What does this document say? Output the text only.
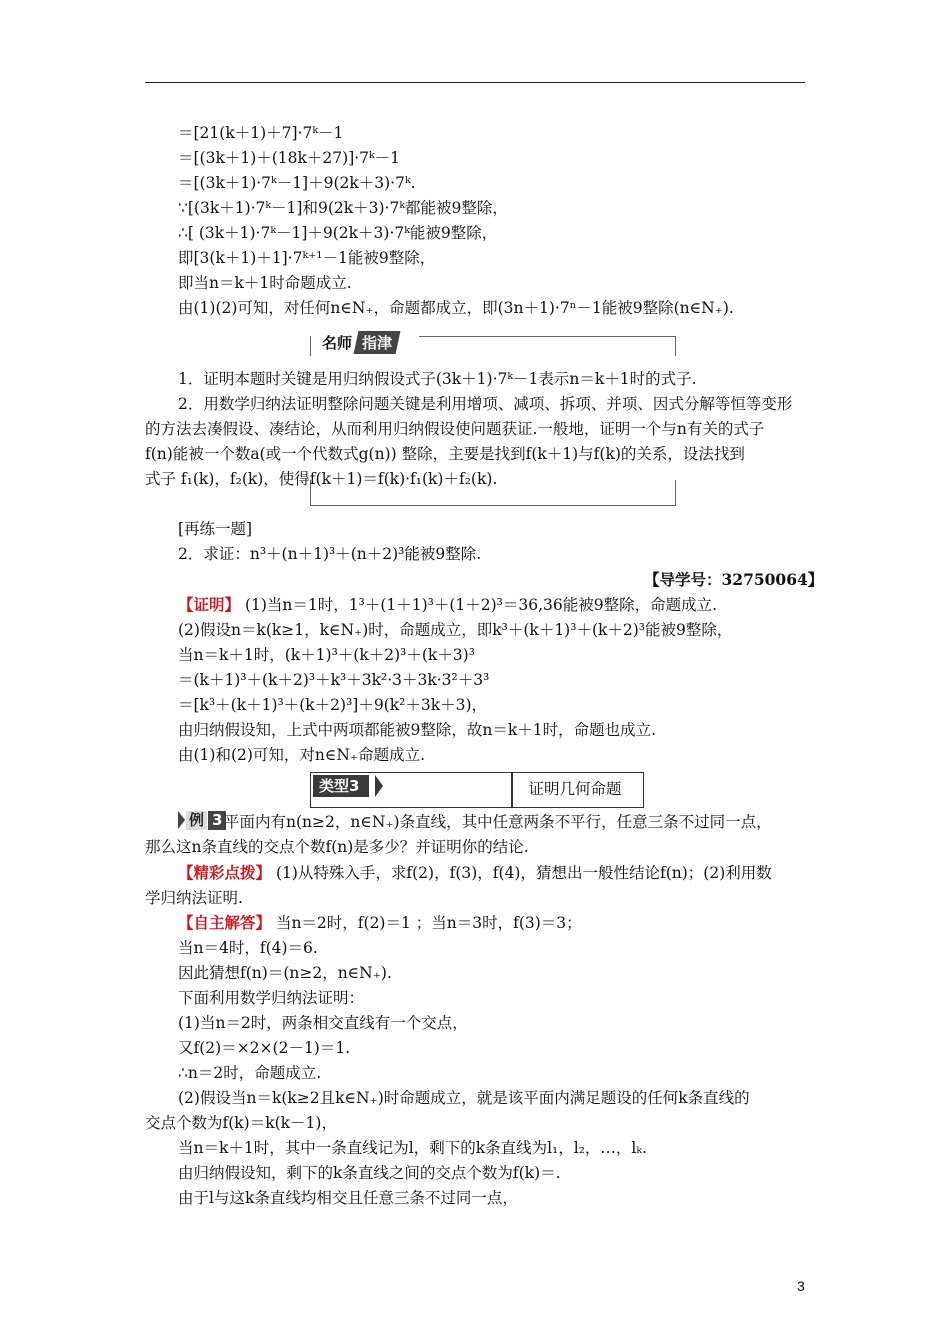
＝[21(k＋1)＋7]·7ᵏ－1
＝[(3k＋1)＋(18k＋27)]·7ᵏ－1
＝[(3k＋1)·7ᵏ－1]＋9(2k＋3)·7ᵏ.
∵[(3k＋1)·7ᵏ－1]和9(2k＋3)·7ᵏ都能被9整除，
∴[ (3k＋1)·7ᵏ－1]＋9(2k＋3)·7ᵏ能被9整除，
即[3(k＋1)＋1]·7ᵏ⁺¹－1能被9整除，
即当n＝k＋1时命题成立.
由(1)(2)可知，对任何n∈N₊，命题都成立，即(3n＋1)·7ⁿ－1能被9整除(n∈N₊).
名师 指津
1．证明本题时关键是用归纳假设式子(3k＋1)·7ᵏ－1表示n＝k＋1时的式子.
2．用数学归纳法证明整除问题关键是利用增项、减项、拆项、并项、因式分解等恒等变形
的方法去凑假设、凑结论，从而利用归纳假设使问题获证.一般地，证明一个与n有关的式子
f(n)能被一个数a(或一个代数式g(n)) 整除，主要是找到f(k＋1)与f(k)的关系，设法找到
式子 f₁(k)，f₂(k)，使得f(k＋1)＝f(k)·f₁(k)＋f₂(k).
[再练一题]
2．求证：n³＋(n＋1)³＋(n＋2)³能被9整除.
【导学号：32750064】
【证明】 (1)当n＝1时，1³＋(1＋1)³＋(1＋2)³＝36,36能被9整除，命题成立.
(2)假设n＝k(k≥1，k∈N₊)时，命题成立，即k³＋(k＋1)³＋(k＋2)³能被9整除，
当n＝k＋1时，(k＋1)³＋(k＋2)³＋(k＋3)³
＝(k＋1)³＋(k＋2)³＋k³＋3k²·3＋3k·3²＋3³
＝[k³＋(k＋1)³＋(k＋2)³]＋9(k²＋3k＋3)，
由归纳假设知，上式中两项都能被9整除，故n＝k＋1时，命题也成立.
由(1)和(2)可知，对n∈N₊命题成立.
类型3	证明几何命题
例 3 平面内有n(n≥2，n∈N₊)条直线，其中任意两条不平行，任意三条不过同一点，
那么这n条直线的交点个数f(n)是多少？并证明你的结论.
【精彩点拨】 (1)从特殊入手，求f(2)，f(3)，f(4)，猜想出一般性结论f(n)；(2)利用数
学归纳法证明.
【自主解答】 当n＝2时，f(2)＝1 ；当n＝3时，f(3)＝3；
当n＝4时，f(4)＝6.
因此猜想f(n)＝(n≥2，n∈N₊).
下面利用数学归纳法证明：
(1)当n＝2时，两条相交直线有一个交点，
又f(2)＝×2×(2－1)＝1.
∴n＝2时，命题成立.
(2)假设当n＝k(k≥2且k∈N₊)时命题成立，就是该平面内满足题设的任何k条直线的
交点个数为f(k)＝k(k－1)，
当n＝k＋1时，其中一条直线记为l，剩下的k条直线为l₁，l₂，…，lₖ.
由归纳假设知，剩下的k条直线之间的交点个数为f(k)＝.
由于l与这k条直线均相交且任意三条不过同一点，
3
